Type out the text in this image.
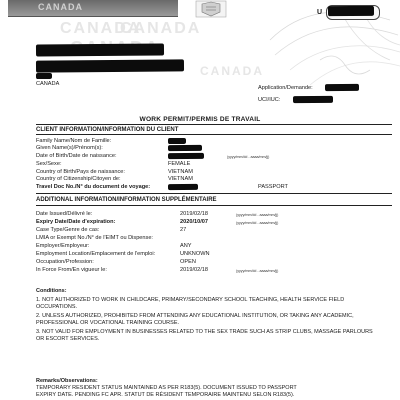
CANADA
CANADA
CANADA
CANADA
U
CANADA
Application/Demande:
UCI/IUC:
WORK PERMIT/PERMIS DE TRAVAIL
CLIENT INFORMATION/INFORMATION DU CLIENT
Family Name/Nom de Famille:
Given Name(s)/Prénom(s):
Date of Birth/Date de naissance:	(yyyy/mm/dd - aaaa/mm/jj)
Sex/Sexe:	FEMALE
Country of Birth/Pays de naissance:	VIETNAM
Country of Citizenship/Citoyen de:	VIETNAM
Travel Doc No./N° du document de voyage:	PASSPORT
ADDITIONAL INFORMATION/INFORMATION SUPPLÉMENTAIRE
Date Issued/Délivré le:	2019/02/18	(yyyy/mm/dd - aaaa/mm/jj)
Expiry Date/Date d'expiration:	2020/10/07	(yyyy/mm/dd - aaaa/mm/jj)
Case Type/Genre de cas:	27
LMIA or Exempt No./N° de l'EIMT ou Dispense:
Employer/Employeur:	ANY
Employment Location/Emplacement de l'emploi:	UNKNOWN
Occupation/Profession:	OPEN
In Force From/En vigueur le:	2019/02/18	(yyyy/mm/dd - aaaa/mm/jj)
Conditions:
1. NOT AUTHORIZED TO WORK IN CHILDCARE, PRIMARY/SECONDARY SCHOOL TEACHING, HEALTH SERVICE FIELD OCCUPATIONS.
2. UNLESS AUTHORIZED, PROHIBITED FROM ATTENDING ANY EDUCATIONAL INSTITUTION, OR TAKING ANY ACADEMIC, PROFESSIONAL OR VOCATIONAL TRAINING COURSE.
3. NOT VALID FOR EMPLOYMENT IN BUSINESSES RELATED TO THE SEX TRADE SUCH AS STRIP CLUBS, MASSAGE PARLOURS OR ESCORT SERVICES.
Remarks/Observations:
TEMPORARY RESIDENT STATUS MAINTAINED AS PER R183(5). DOCUMENT ISSUED TO PASSPORT
EXPIRY DATE. PENDING FC APR. STATUT DE RÉSIDENT TEMPORAIRE MAINTENU SELON R183(5).
